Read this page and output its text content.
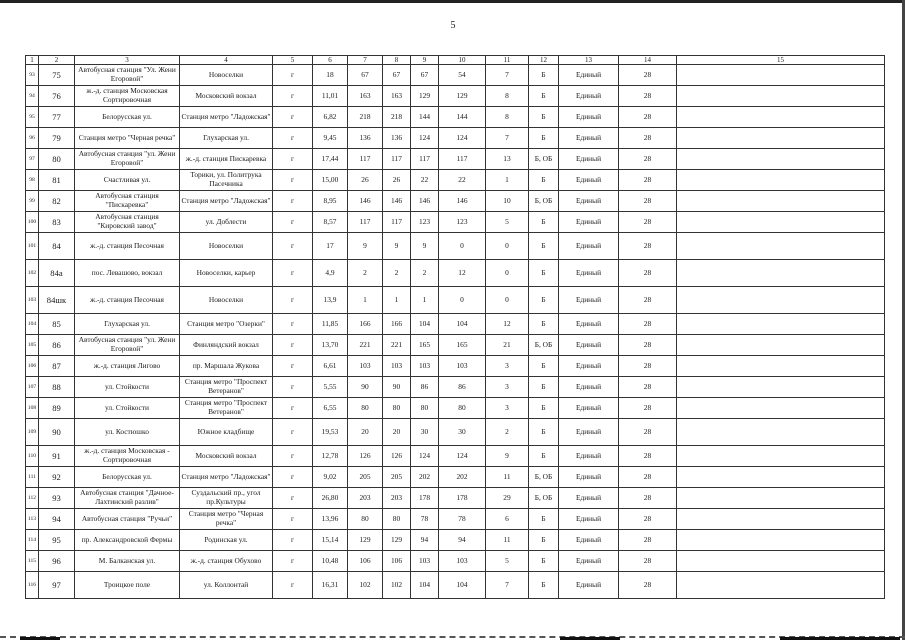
5
1	2	3	4	5	6	7	8	9	10	11	12	13	14	15
93	75	Автобусная станция "Ул. Жени Егоровой"	Новоселки	г	18	67	67	67	54	7	Б	Единый	28	
94	76	ж.-д. станция Московская Сортировочная	Московский вокзал	г	11,01	163	163	129	129	8	Б	Единый	28	
95	77	Белорусская ул.	Станция метро "Ладожская"	г	6,82	218	218	144	144	8	Б	Единый	28	
96	79	Станция метро "Черная речка"	Глухарская ул.	г	9,45	136	136	124	124	7	Б	Единый	28	
97	80	Автобусная станция "ул. Жени Егоровой"	ж.-д. станция Пискаревка	г	17,44	117	117	117	117	13	Б, ОБ	Единый	28	
98	81	Счастливая ул.	Торики, ул. Политрука Пасечника	г	15,00	26	26	22	22	1	Б	Единый	28	
99	82	Автобусная станция "Пискаревка"	Станция метро "Ладожская"	г	8,95	146	146	146	146	10	Б, ОБ	Единый	28	
100	83	Автобусная станция "Кировский завод"	ул. Доблести	г	8,57	117	117	123	123	5	Б	Единый	28	
101	84	ж.-д. станция Песочная	Новоселки	г	17	9	9	9	0	0	Б	Единый	28	
102	84а	пос. Левашово, вокзал	Новоселки, карьер	г	4,9	2	2	2	12	0	Б	Единый	28	
103	84шк	ж.-д. станция Песочная	Новоселки	г	13,9	1	1	1	0	0	Б	Единый	28	
104	85	Глухарская ул.	Станция метро "Озерки"	г	11,85	166	166	104	104	12	Б	Единый	28	
105	86	Автобусная станция "ул. Жени Егоровой"	Финляндский вокзал	г	13,70	221	221	165	165	21	Б, ОБ	Единый	28	
106	87	ж.-д. станция Лигово	пр. Маршала Жукова	г	6,61	103	103	103	103	3	Б	Единый	28	
107	88	ул. Стойкости	Станция метро "Проспект Ветеранов"	г	5,55	90	90	86	86	3	Б	Единый	28	
108	89	ул. Стойкости	Станция метро "Проспект Ветеранов"	г	6,55	80	80	80	80	3	Б	Единый	28	
109	90	ул. Костюшко	Южное кладбище	г	19,53	20	20	30	30	2	Б	Единый	28	
110	91	ж.-д. станция Московская - Сортировочная	Московский вокзал	г	12,78	126	126	124	124	9	Б	Единый	28	
111	92	Белорусская ул.	Станция метро "Ладожская"	г	9,02	205	205	202	202	11	Б, ОБ	Единый	28	
112	93	Автобусная станция "Дачное-Лахтинский разлив"	Суздальский пр., угол пр.Культуры	г	26,80	203	203	178	178	29	Б, ОБ	Единый	28	
113	94	Автобусная станция "Ручьи"	Станция метро "Черная речка"	г	13,96	80	80	78	78	6	Б	Единый	28	
114	95	пр. Александровской Фермы	Родинская ул.	г	15,14	129	129	94	94	11	Б	Единый	28	
115	96	М. Балканская ул.	ж.-д. станция Обухово	г	10,48	106	106	103	103	5	Б	Единый	28	
116	97	Троицкое поле	ул. Коллонтай	г	16,31	102	102	104	104	7	Б	Единый	28	
